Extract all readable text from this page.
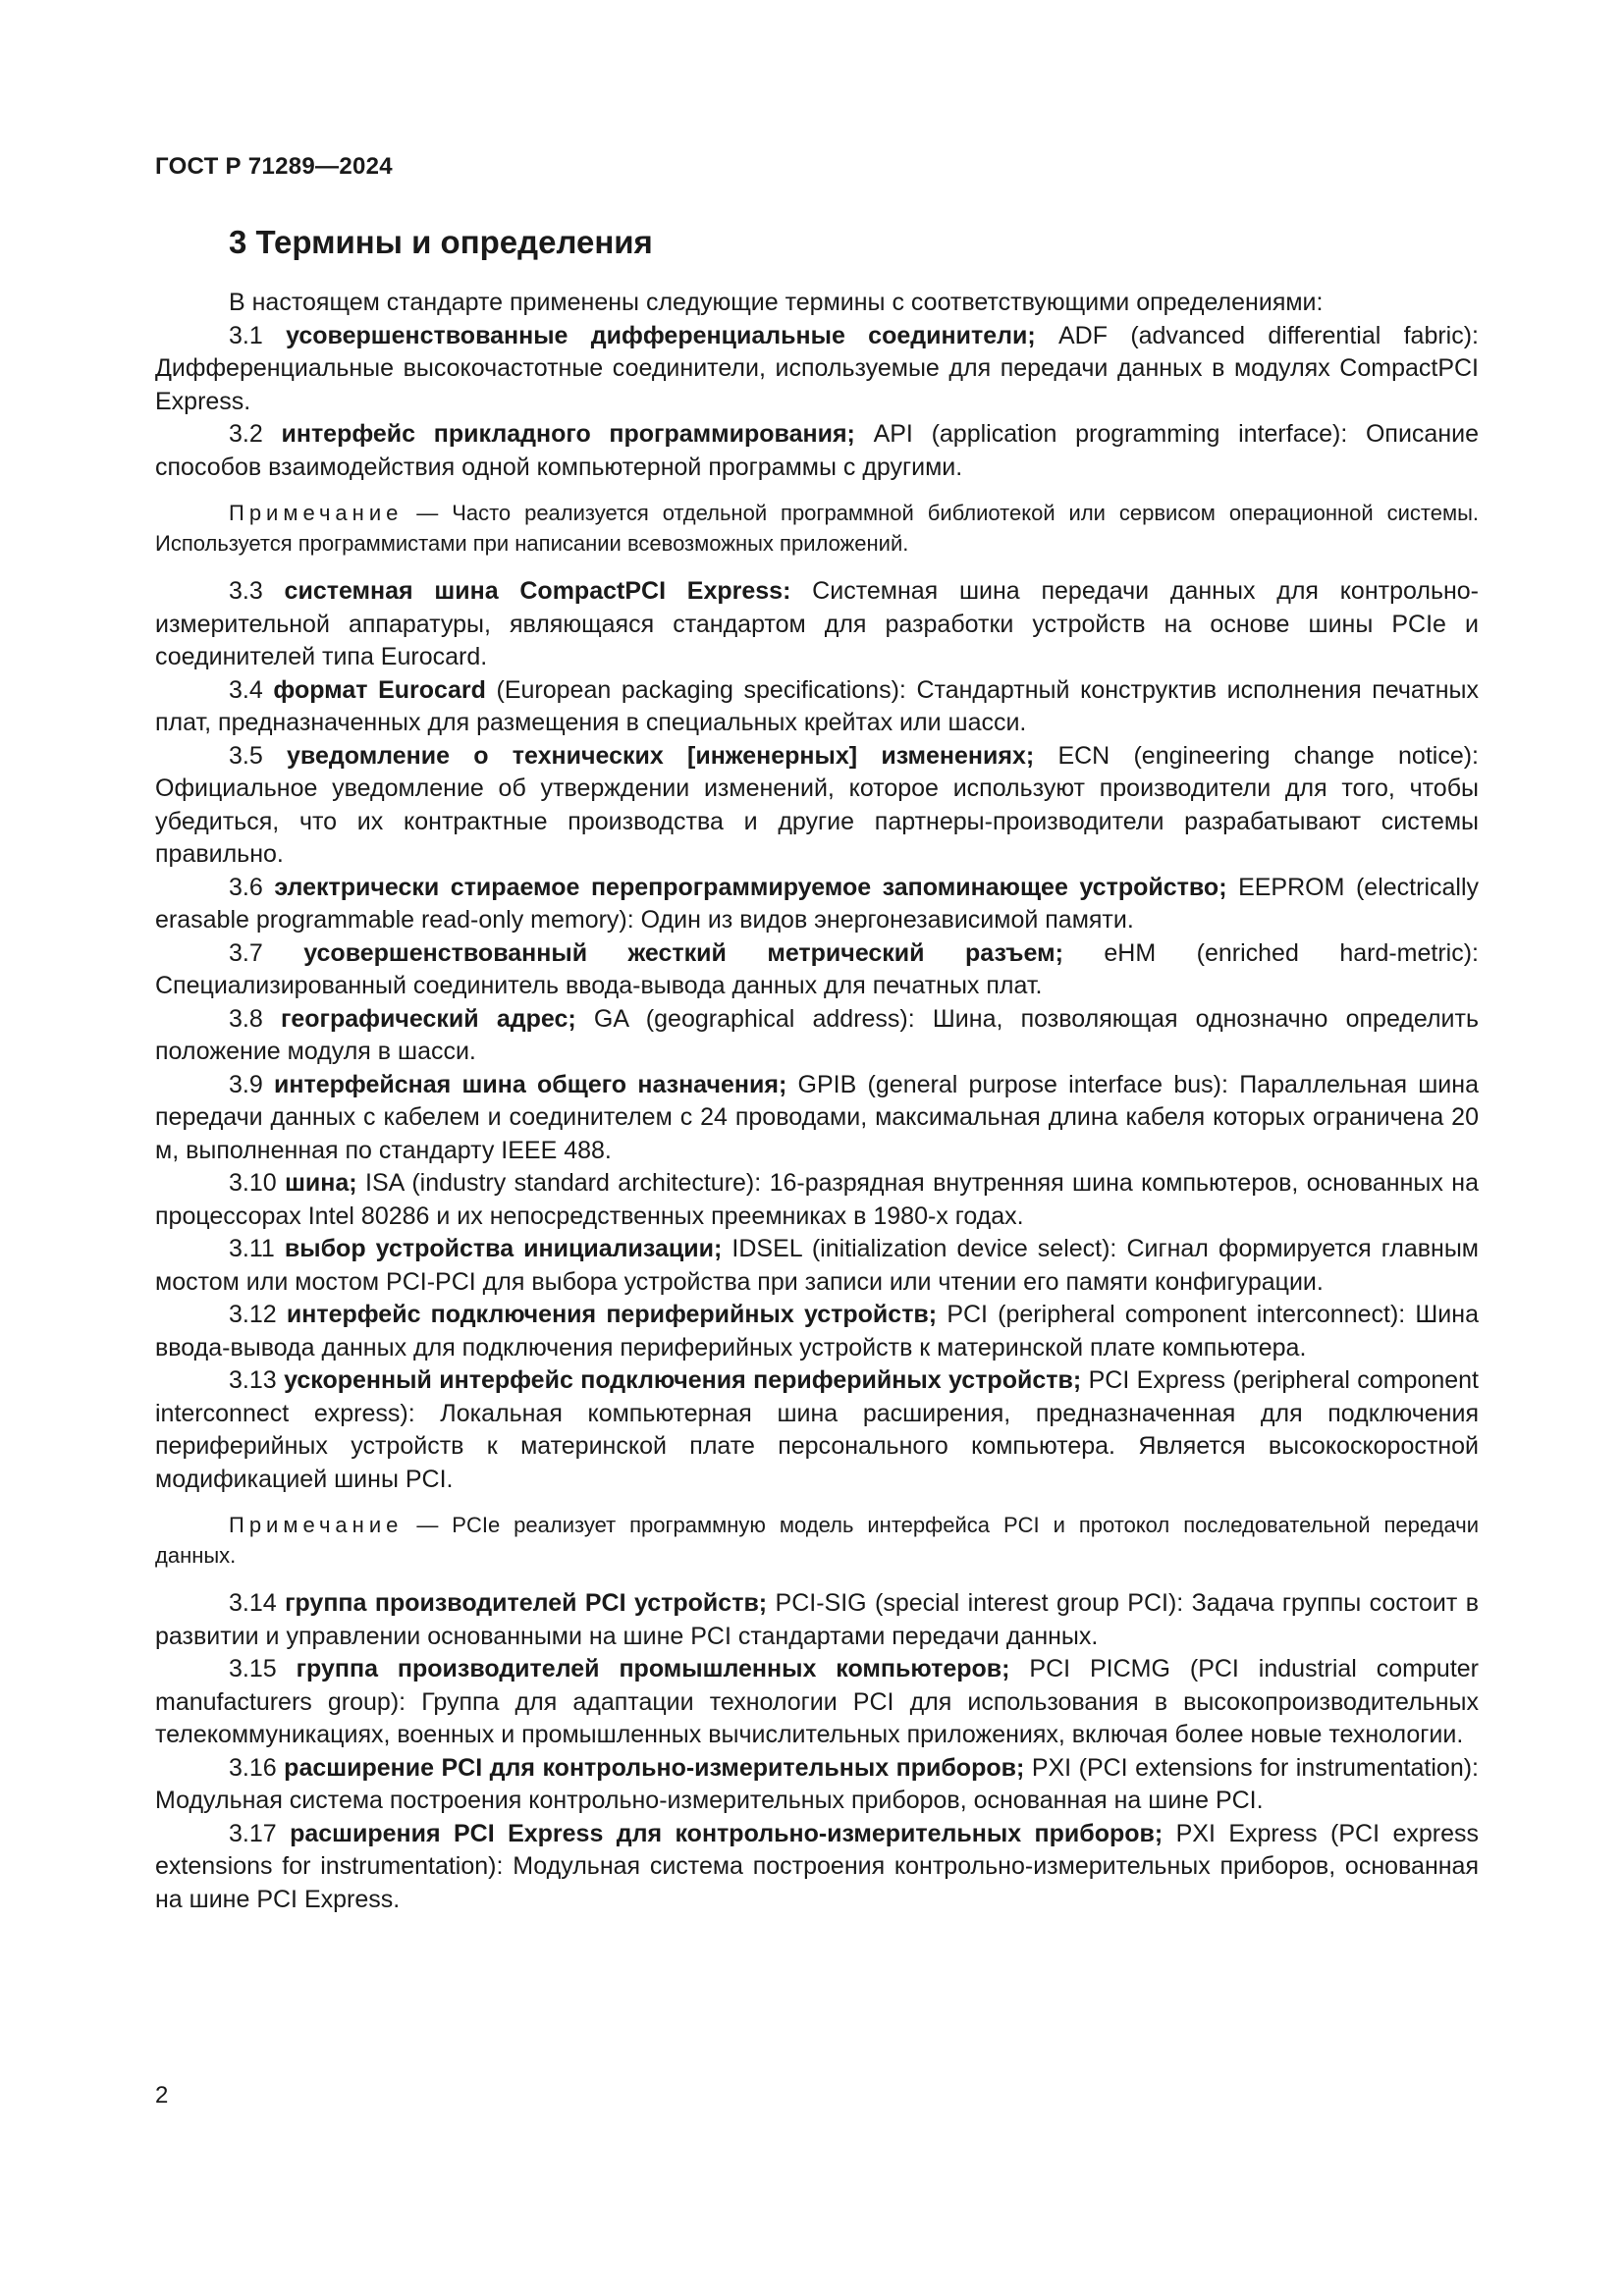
ГОСТ Р 71289—2024
3 Термины и определения

В настоящем стандарте применены следующие термины с соответствующими определениями:

3.1 усовершенствованные дифференциальные соединители; ADF (advanced differential fabric): Дифференциальные высокочастотные соединители, используемые для передачи данных в модулях CompactPCI Express.

3.2 интерфейс прикладного программирования; API (application programming interface): Описание способов взаимодействия одной компьютерной программы с другими.

Примечание — Часто реализуется отдельной программной библиотекой или сервисом операционной системы. Используется программистами при написании всевозможных приложений.

3.3 системная шина CompactPCI Express: Системная шина передачи данных для контрольно-измерительной аппаратуры, являющаяся стандартом для разработки устройств на основе шины PCIe и соединителей типа Eurocard.

3.4 формат Eurocard (European packaging specifications): Стандартный конструктив исполнения печатных плат, предназначенных для размещения в специальных крейтах или шасси.

3.5 уведомление о технических [инженерных] изменениях; ECN (engineering change notice): Официальное уведомление об утверждении изменений, которое используют производители для того, чтобы убедиться, что их контрактные производства и другие партнеры-производители разрабатывают системы правильно.

3.6 электрически стираемое перепрограммируемое запоминающее устройство; EEPROM (electrically erasable programmable read-only memory): Один из видов энергонезависимой памяти.

3.7 усовершенствованный жесткий метрический разъем; eHM (enriched hard-metric): Специализированный соединитель ввода-вывода данных для печатных плат.

3.8 географический адрес; GA (geographical address): Шина, позволяющая однозначно определить положение модуля в шасси.

3.9 интерфейсная шина общего назначения; GPIB (general purpose interface bus): Параллельная шина передачи данных с кабелем и соединителем с 24 проводами, максимальная длина кабеля которых ограничена 20 м, выполненная по стандарту IEEE 488.

3.10 шина; ISA (industry standard architecture): 16-разрядная внутренняя шина компьютеров, основанных на процессорах Intel 80286 и их непосредственных преемниках в 1980-х годах.

3.11 выбор устройства инициализации; IDSEL (initialization device select): Сигнал формируется главным мостом или мостом PCI-PCI для выбора устройства при записи или чтении его памяти конфигурации.

3.12 интерфейс подключения периферийных устройств; PCI (peripheral component interconnect): Шина ввода-вывода данных для подключения периферийных устройств к материнской плате компьютера.

3.13 ускоренный интерфейс подключения периферийных устройств; PCI Express (peripheral component interconnect express): Локальная компьютерная шина расширения, предназначенная для подключения периферийных устройств к материнской плате персонального компьютера. Является высокоскоростной модификацией шины PCI.

Примечание — PCIe реализует программную модель интерфейса PCI и протокол последовательной передачи данных.

3.14 группа производителей PCI устройств; PCI-SIG (special interest group PCI): Задача группы состоит в развитии и управлении основанными на шине PCI стандартами передачи данных.

3.15 группа производителей промышленных компьютеров; PCI PICMG (PCI industrial computer manufacturers group): Группа для адаптации технологии PCI для использования в высокопроизводительных телекоммуникациях, военных и промышленных вычислительных приложениях, включая более новые технологии.

3.16 расширение PCI для контрольно-измерительных приборов; PXI (PCI extensions for instrumentation): Модульная система построения контрольно-измерительных приборов, основанная на шине PCI.

3.17 расширения PCI Express для контрольно-измерительных приборов; PXI Express (PCI express extensions for instrumentation): Модульная система построения контрольно-измерительных приборов, основанная на шине PCI Express.

2
